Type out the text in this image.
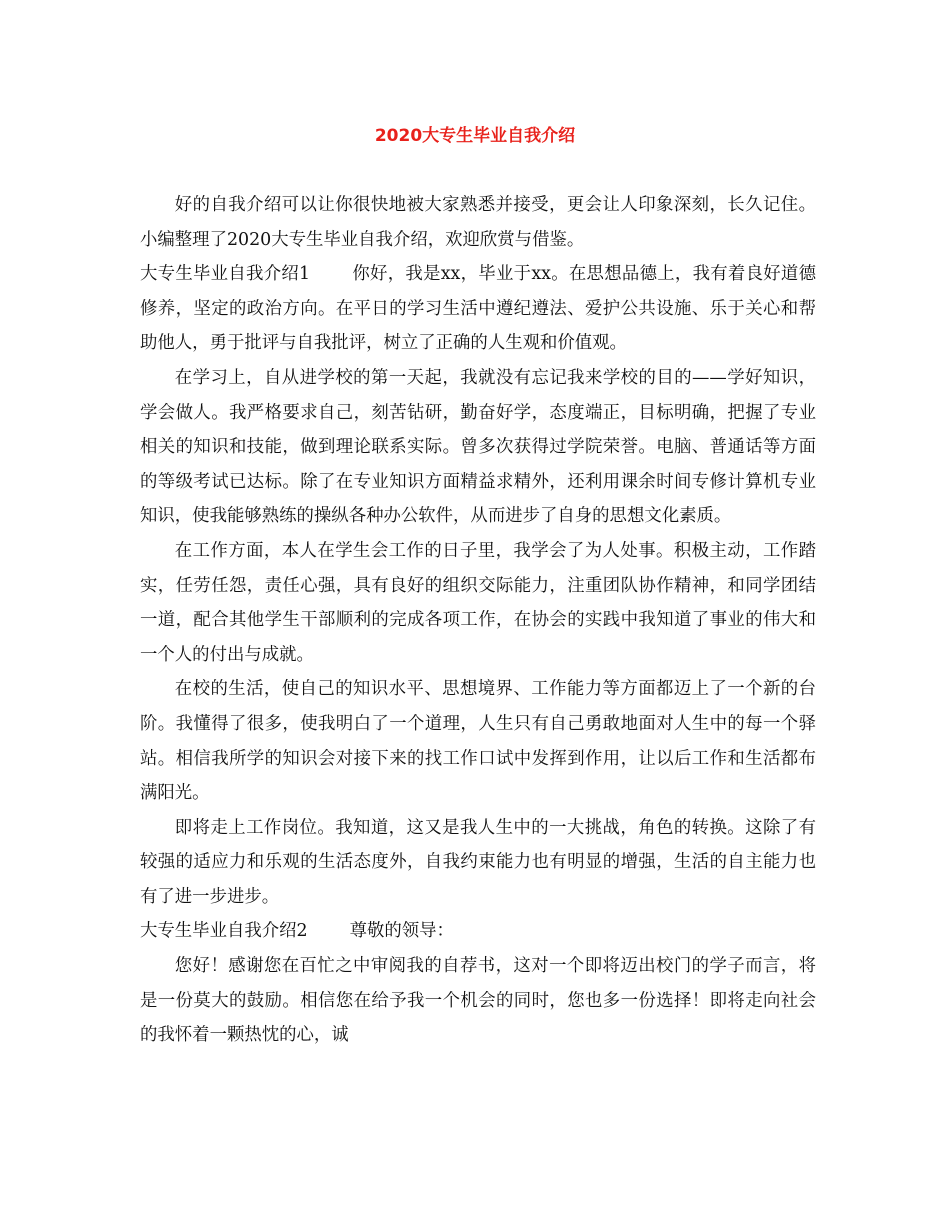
2020大专生毕业自我介绍

好的自我介绍可以让你很快地被大家熟悉并接受，更会让人印象深刻，长久记住。小编整理了2020大专生毕业自我介绍，欢迎欣赏与借鉴。

大专生毕业自我介绍1 你好，我是xx，毕业于xx。在思想品德上，我有着良好道德修养，坚定的政治方向。在平日的学习生活中遵纪遵法、爱护公共设施、乐于关心和帮助他人，勇于批评与自我批评，树立了正确的人生观和价值观。

在学习上，自从进学校的第一天起，我就没有忘记我来学校的目的——学好知识，学会做人。我严格要求自己，刻苦钻研，勤奋好学，态度端正，目标明确，把握了专业相关的知识和技能，做到理论联系实际。曾多次获得过学院荣誉。电脑、普通话等方面的等级考试已达标。除了在专业知识方面精益求精外，还利用课余时间专修计算机专业知识，使我能够熟练的操纵各种办公软件，从而进步了自身的思想文化素质。

在工作方面，本人在学生会工作的日子里，我学会了为人处事。积极主动，工作踏实，任劳任怨，责任心强，具有良好的组织交际能力，注重团队协作精神，和同学团结一道，配合其他学生干部顺利的完成各项工作，在协会的实践中我知道了事业的伟大和一个人的付出与成就。

在校的生活，使自己的知识水平、思想境界、工作能力等方面都迈上了一个新的台阶。我懂得了很多，使我明白了一个道理，人生只有自己勇敢地面对人生中的每一个驿站。相信我所学的知识会对接下来的找工作口试中发挥到作用，让以后工作和生活都布满阳光。

即将走上工作岗位。我知道，这又是我人生中的一大挑战，角色的转换。这除了有较强的适应力和乐观的生活态度外，自我约束能力也有明显的增强，生活的自主能力也有了进一步进步。

大专生毕业自我介绍2 尊敬的领导：

您好！感谢您在百忙之中审阅我的自荐书，这对一个即将迈出校门的学子而言，将是一份莫大的鼓励。相信您在给予我一个机会的同时，您也多一份选择！即将走向社会的我怀着一颗热忱的心，诚
